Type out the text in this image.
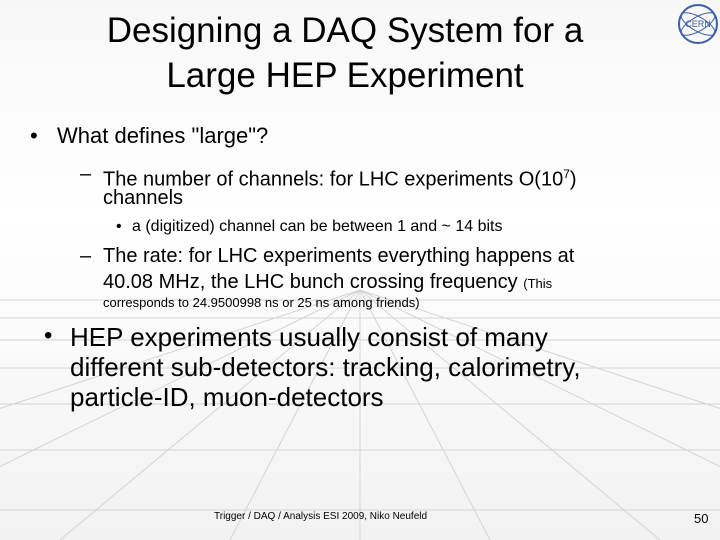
Designing a DAQ System for a
Large HEP Experiment
CERN
• What defines "large"?
– The number of channels: for LHC experiments $O(10^7)$
channels
• a (digitized) channel can be between 1 and ~ 14 bits
– The rate: for LHC experiments everything happens at
40.08 MHz, the LHC bunch crossing frequency (This
corresponds to 24.9500998 ns or 25 ns among friends)
• HEP experiments usually consist of many
different sub-detectors: tracking, calorimetry,
particle-ID, muon-detectors
Trigger / DAQ / Analysis ESI 2009, Niko Neufeld	50
